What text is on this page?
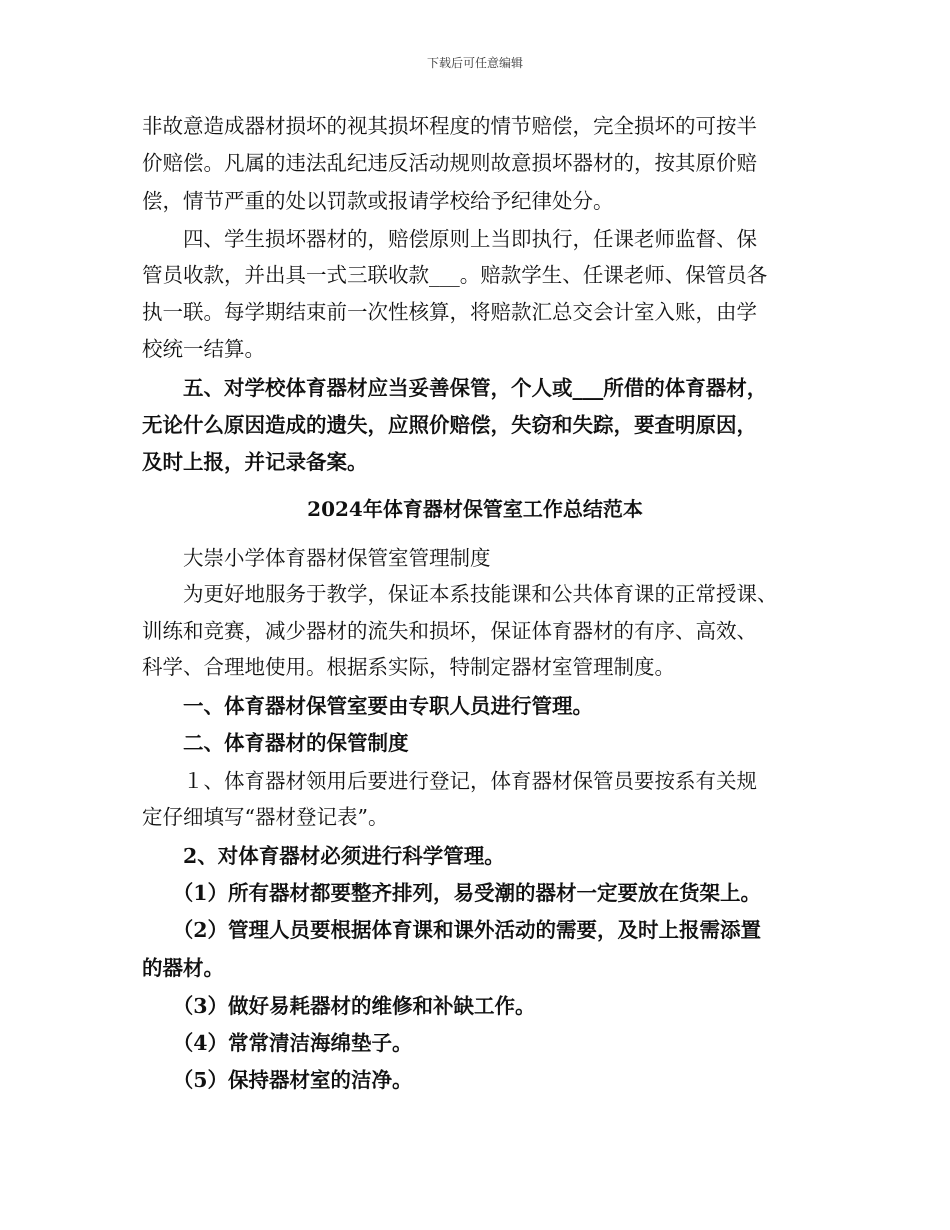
下载后可任意编辑
非故意造成器材损坏的视其损坏程度的情节赔偿，完全损坏的可按半
价赔偿。凡属的违法乱纪违反活动规则故意损坏器材的，按其原价赔
偿，情节严重的处以罚款或报请学校给予纪律处分。
　　四、学生损坏器材的，赔偿原则上当即执行，任课老师监督、保
管员收款，并出具一式三联收款___。赔款学生、任课老师、保管员各
执一联。每学期结束前一次性核算，将赔款汇总交会计室入账，由学
校统一结算。
　　五、对学校体育器材应当妥善保管，个人或___所借的体育器材，
无论什么原因造成的遗失，应照价赔偿，失窃和失踪，要查明原因，
及时上报，并记录备案。
2024年体育器材保管室工作总结范本
　　大崇小学体育器材保管室管理制度
　　为更好地服务于教学，保证本系技能课和公共体育课的正常授课、
训练和竞赛，减少器材的流失和损坏，保证体育器材的有序、高效、
科学、合理地使用。根据系实际，特制定器材室管理制度。
　　一、体育器材保管室要由专职人员进行管理。
　　二、体育器材的保管制度
　　１、体育器材领用后要进行登记，体育器材保管员要按系有关规
定仔细填写“器材登记表”。
　　2、对体育器材必须进行科学管理。
　　（1）所有器材都要整齐排列，易受潮的器材一定要放在货架上。
　　（2）管理人员要根据体育课和课外活动的需要，及时上报需添置
的器材。
　　（3）做好易耗器材的维修和补缺工作。
　　（4）常常清洁海绵垫子。
　　（5）保持器材室的洁净。
